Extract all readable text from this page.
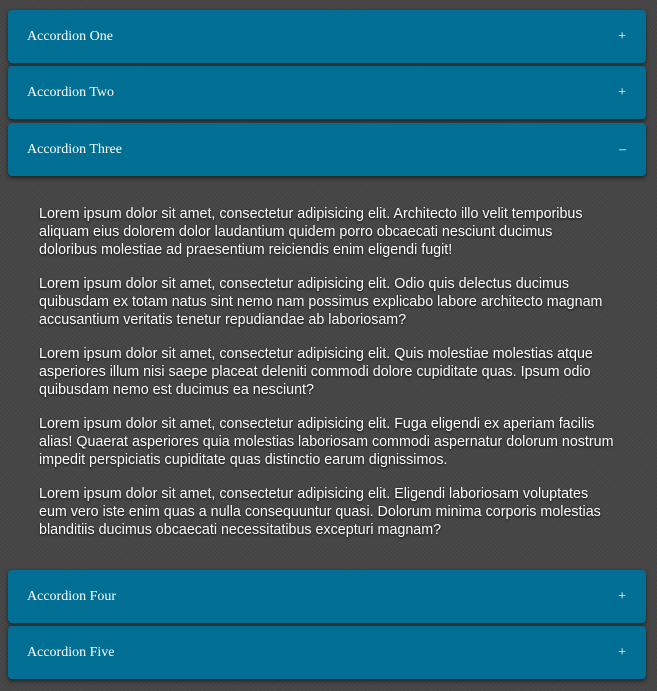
Accordion One	+
Accordion Two	+
Accordion Three	–

Lorem ipsum dolor sit amet, consectetur adipisicing elit. Architecto illo velit temporibus aliquam eius dolorem dolor laudantium quidem porro obcaecati nesciunt ducimus doloribus molestiae ad praesentium reiciendis enim eligendi fugit!

Lorem ipsum dolor sit amet, consectetur adipisicing elit. Odio quis delectus ducimus quibusdam ex totam natus sint nemo nam possimus explicabo labore architecto magnam accusantium veritatis tenetur repudiandae ab laboriosam?

Lorem ipsum dolor sit amet, consectetur adipisicing elit. Quis molestiae molestias atque asperiores illum nisi saepe placeat deleniti commodi dolore cupiditate quas. Ipsum odio quibusdam nemo est ducimus ea nesciunt?

Lorem ipsum dolor sit amet, consectetur adipisicing elit. Fuga eligendi ex aperiam facilis alias! Quaerat asperiores quia molestias laboriosam commodi aspernatur dolorum nostrum impedit perspiciatis cupiditate quas distinctio earum dignissimos.

Lorem ipsum dolor sit amet, consectetur adipisicing elit. Eligendi laboriosam voluptates eum vero iste enim quas a nulla consequuntur quasi. Dolorum minima corporis molestias blanditiis ducimus obcaecati necessitatibus excepturi magnam?

Accordion Four	+
Accordion Five	+
